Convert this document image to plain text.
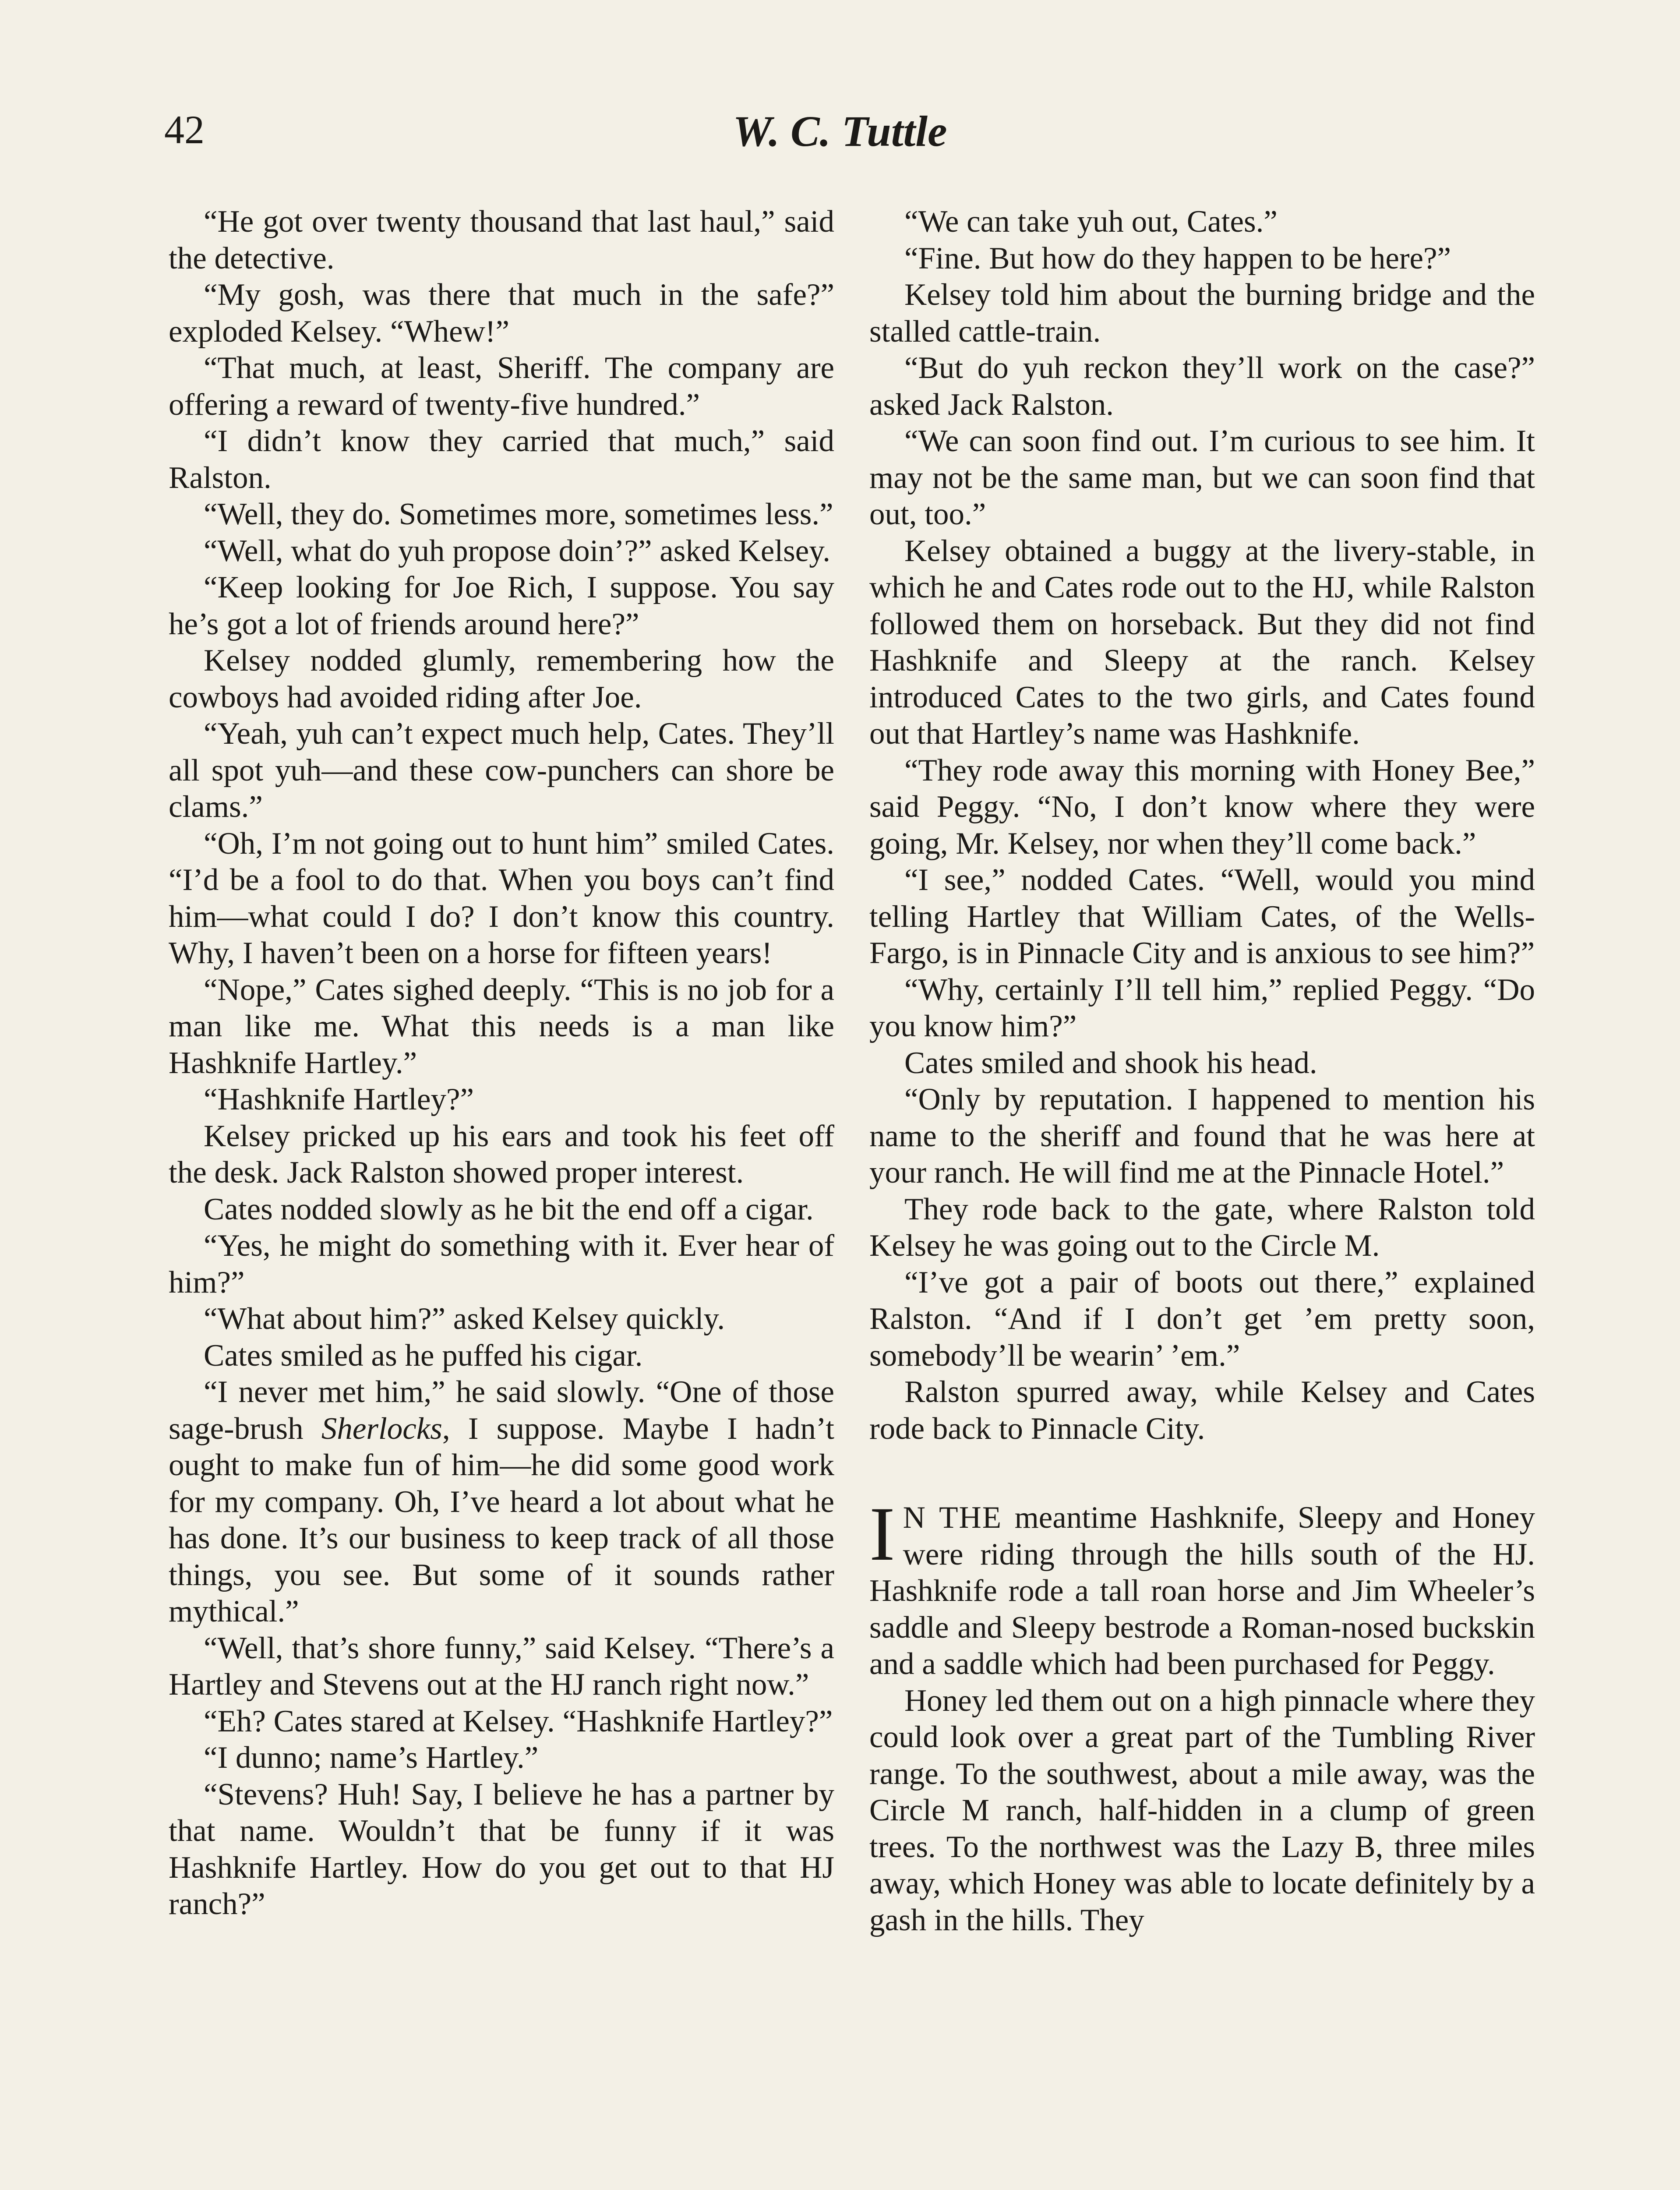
42	W. C. Tuttle

“He got over twenty thousand that last haul,” said the detective.

“My gosh, was there that much in the safe?” exploded Kelsey. “Whew!”

“That much, at least, Sheriff. The company are offering a reward of twenty-five hundred.”

“I didn’t know they carried that much,” said Ralston.

“Well, they do. Sometimes more, sometimes less.”

“Well, what do yuh propose doin’?” asked Kelsey.

“Keep looking for Joe Rich, I suppose. You say he’s got a lot of friends around here?”

Kelsey nodded glumly, remembering how the cowboys had avoided riding after Joe.

“Yeah, yuh can’t expect much help, Cates. They’ll all spot yuh—and these cow-punchers can shore be clams.”

“Oh, I’m not going out to hunt him” smiled Cates. “I’d be a fool to do that. When you boys can’t find him—what could I do? I don’t know this country. Why, I haven’t been on a horse for fifteen years!

“Nope,” Cates sighed deeply. “This is no job for a man like me. What this needs is a man like Hashknife Hartley.”

“Hashknife Hartley?”

Kelsey pricked up his ears and took his feet off the desk. Jack Ralston showed proper interest.

Cates nodded slowly as he bit the end off a cigar.

“Yes, he might do something with it. Ever hear of him?”

“What about him?” asked Kelsey quickly.

Cates smiled as he puffed his cigar.

“I never met him,” he said slowly. “One of those sage-brush Sherlocks, I suppose. Maybe I hadn’t ought to make fun of him—he did some good work for my company. Oh, I’ve heard a lot about what he has done. It’s our business to keep track of all those things, you see. But some of it sounds rather mythical.”

“Well, that’s shore funny,” said Kelsey. “There’s a Hartley and Stevens out at the HJ ranch right now.”

“Eh? Cates stared at Kelsey. “Hashknife Hartley?”

“I dunno; name’s Hartley.”

“Stevens? Huh! Say, I believe he has a partner by that name. Wouldn’t that be funny if it was Hashknife Hartley. How do you get out to that HJ ranch?”

“We can take yuh out, Cates.”

“Fine. But how do they happen to be here?”

Kelsey told him about the burning bridge and the stalled cattle-train.

“But do yuh reckon they’ll work on the case?” asked Jack Ralston.

“We can soon find out. I’m curious to see him. It may not be the same man, but we can soon find that out, too.”

Kelsey obtained a buggy at the livery-stable, in which he and Cates rode out to the HJ, while Ralston followed them on horseback. But they did not find Hashknife and Sleepy at the ranch. Kelsey introduced Cates to the two girls, and Cates found out that Hartley’s name was Hashknife.

“They rode away this morning with Honey Bee,” said Peggy. “No, I don’t know where they were going, Mr. Kelsey, nor when they’ll come back.”

“I see,” nodded Cates. “Well, would you mind telling Hartley that William Cates, of the Wells-Fargo, is in Pinnacle City and is anxious to see him?”

“Why, certainly I’ll tell him,” replied Peggy. “Do you know him?”

Cates smiled and shook his head.

“Only by reputation. I happened to mention his name to the sheriff and found that he was here at your ranch. He will find me at the Pinnacle Hotel.”

They rode back to the gate, where Ralston told Kelsey he was going out to the Circle M.

“I’ve got a pair of boots out there,” explained Ralston. “And if I don’t get ’em pretty soon, somebody’ll be wearin’ ’em.”

Ralston spurred away, while Kelsey and Cates rode back to Pinnacle City.

I N THE meantime Hashknife, Sleepy and Honey were riding through the hills south of the HJ. Hashknife rode a tall roan horse and Jim Wheeler’s saddle and Sleepy bestrode a Roman-nosed buckskin and a saddle which had been purchased for Peggy.

Honey led them out on a high pinnacle where they could look over a great part of the Tumbling River range. To the southwest, about a mile away, was the Circle M ranch, half-hidden in a clump of green trees. To the northwest was the Lazy B, three miles away, which Honey was able to locate definitely by a gash in the hills. They
